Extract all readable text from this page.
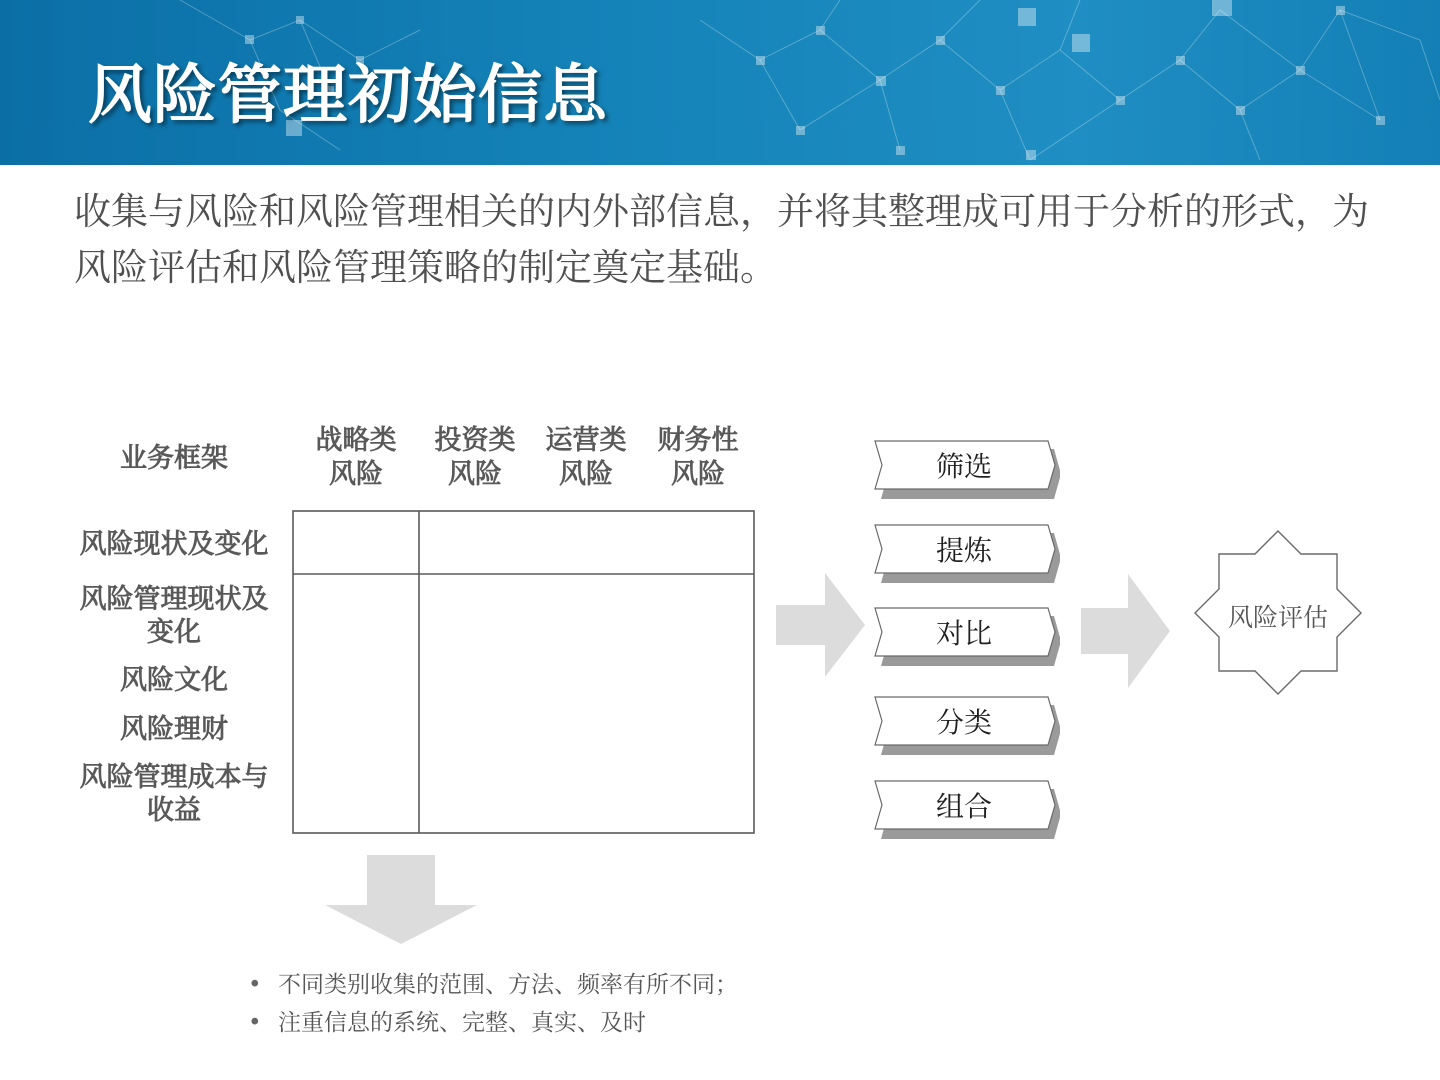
风险管理初始信息

收集与风险和风险管理相关的内外部信息，并将其整理成可用于分析的形式，为风险评估和风险管理策略的制定奠定基础。

业务框架
战略类
风险
投资类
风险
运营类
风险
财务性
风险
风险现状及变化
风险管理现状及
变化
风险文化
风险理财
风险管理成本与
收益
风险评估
筛选
提炼
对比
分类
组合
• 不同类别收集的范围、方法、频率有所不同；
• 注重信息的系统、完整、真实、及时
